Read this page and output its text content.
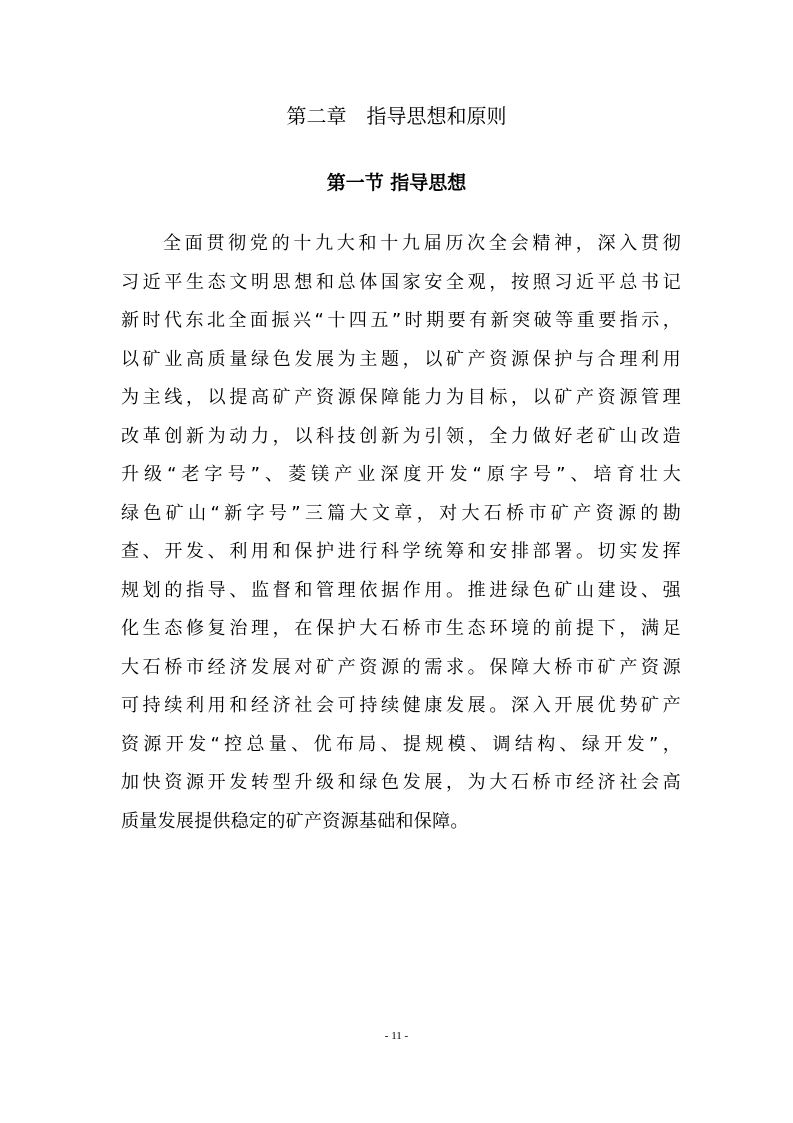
第二章　指导思想和原则
第一节 指导思想
全面贯彻党的十九大和十九届历次全会精神，深入贯彻
习近平生态文明思想和总体国家安全观，按照习近平总书记
新时代东北全面振兴“十四五”时期要有新突破等重要指示，
以矿业高质量绿色发展为主题，以矿产资源保护与合理利用
为主线，以提高矿产资源保障能力为目标，以矿产资源管理
改革创新为动力，以科技创新为引领，全力做好老矿山改造
升级“老字号”、菱镁产业深度开发“原字号”、培育壮大
绿色矿山“新字号”三篇大文章，对大石桥市矿产资源的勘
查、开发、利用和保护进行科学统筹和安排部署。切实发挥
规划的指导、监督和管理依据作用。推进绿色矿山建设、强
化生态修复治理，在保护大石桥市生态环境的前提下，满足
大石桥市经济发展对矿产资源的需求。保障大桥市矿产资源
可持续利用和经济社会可持续健康发展。深入开展优势矿产
资源开发“控总量、优布局、提规模、调结构、绿开发”，
加快资源开发转型升级和绿色发展，为大石桥市经济社会高
质量发展提供稳定的矿产资源基础和保障。
- 11 -
